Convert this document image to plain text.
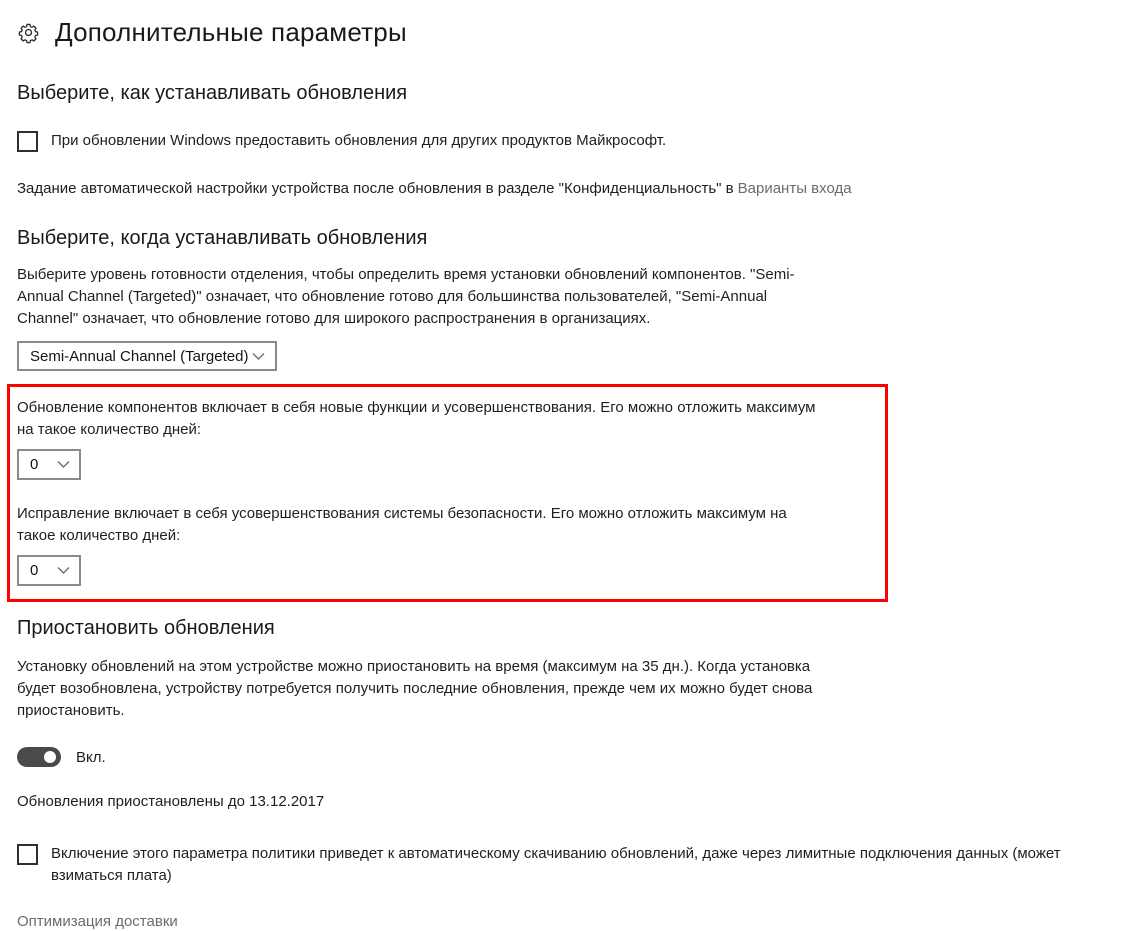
Дополнительные параметры
Выберите, как устанавливать обновления
При обновлении Windows предоставить обновления для других продуктов Майкрософт.

Задание автоматической настройки устройства после обновления в разделе "Конфиденциальность" в Варианты входа

Выберите, когда устанавливать обновления

Выберите уровень готовности отделения, чтобы определить время установки обновлений компонентов. "Semi-Annual Channel (Targeted)" означает, что обновление готово для большинства пользователей, "Semi-Annual Channel" означает, что обновление готово для широкого распространения в организациях.

Semi-Annual Channel (Targeted)

Обновление компонентов включает в себя новые функции и усовершенствования. Его можно отложить максимум на такое количество дней:

0

Исправление включает в себя усовершенствования системы безопасности. Его можно отложить максимум на такое количество дней:

0
Приостановить обновления

Установку обновлений на этом устройстве можно приостановить на время (максимум на 35 дн.). Когда установка будет возобновлена, устройству потребуется получить последние обновления, прежде чем их можно будет снова приостановить.

Вкл.

Обновления приостановлены до 13.12.2017

Включение этого параметра политики приведет к автоматическому скачиванию обновлений, даже через лимитные подключения данных (может взиматься плата)
Оптимизация доставки
